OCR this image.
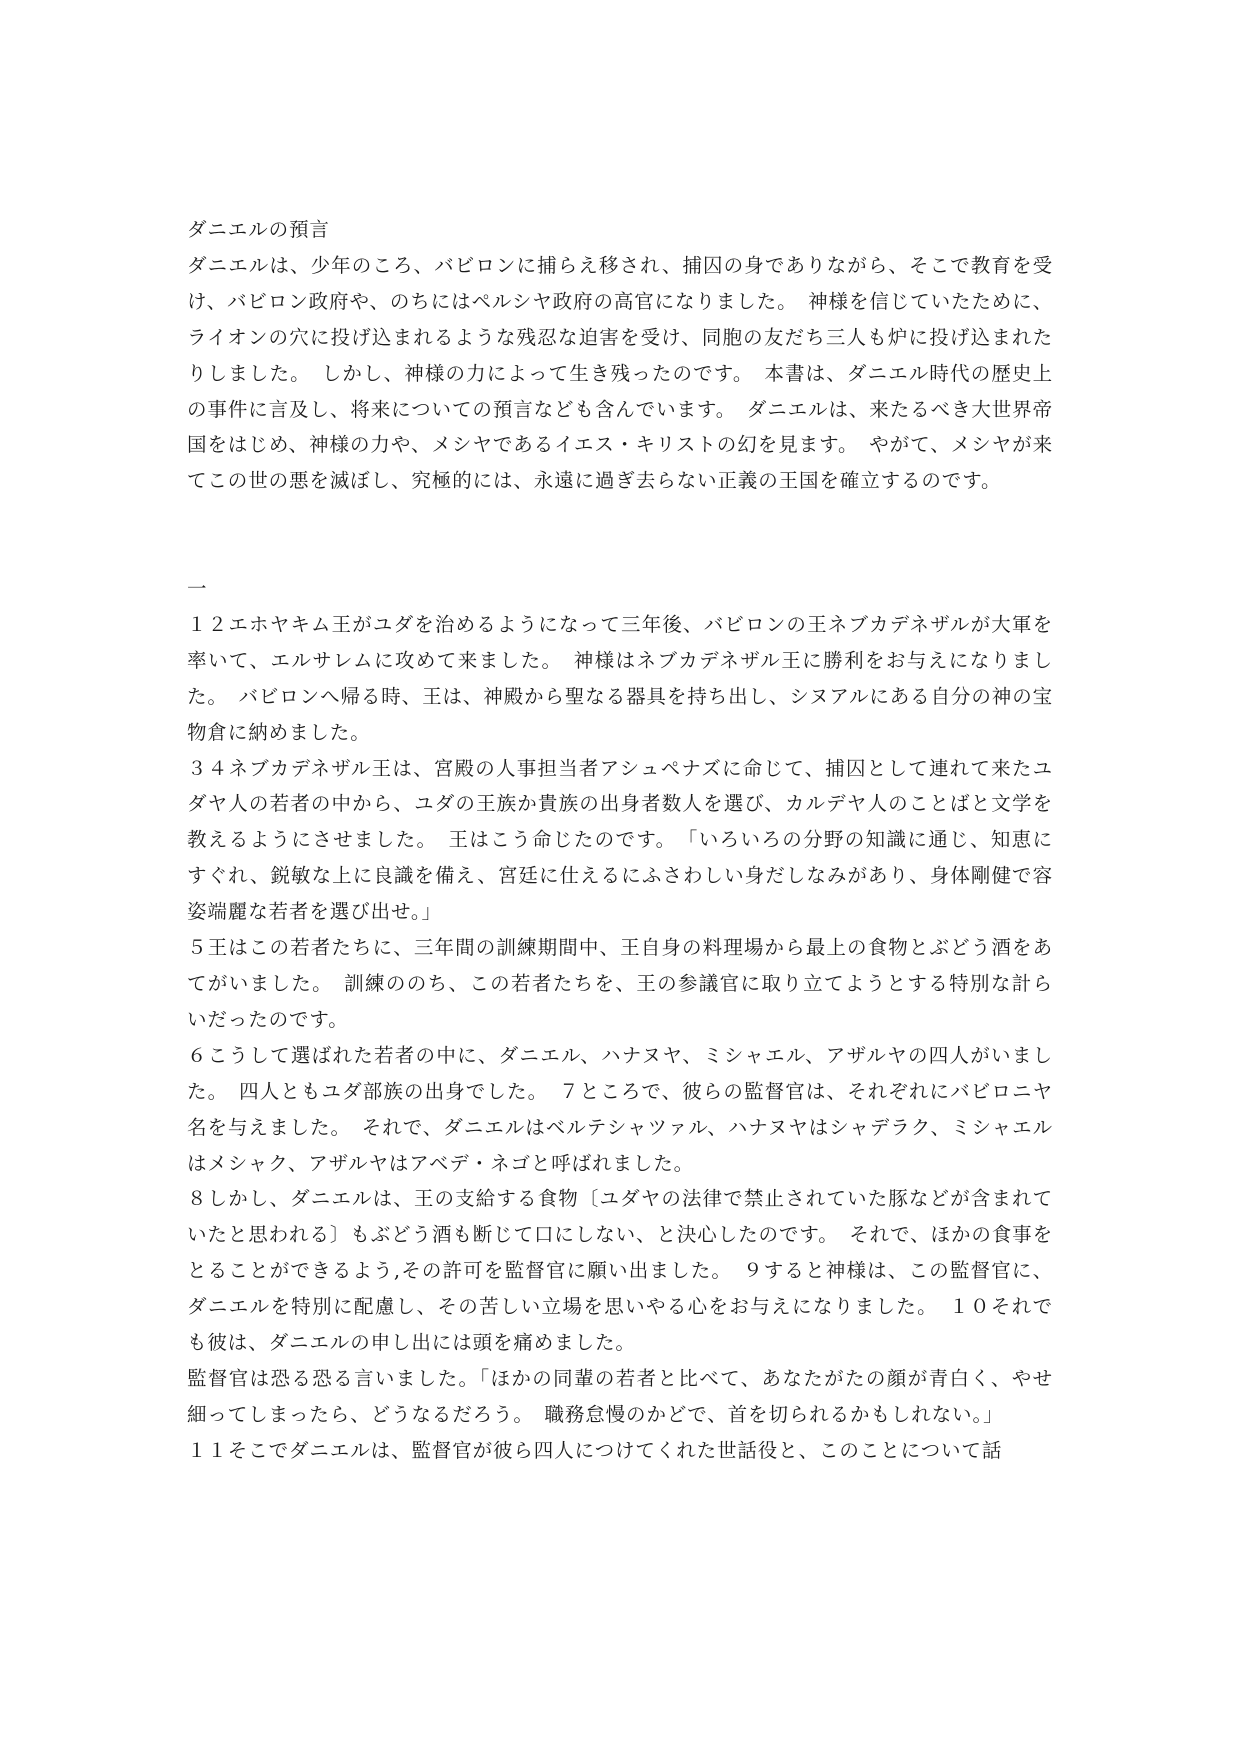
ダニエルの預言

ダニエルは、少年のころ、バビロンに捕らえ移され、捕囚の身でありながら、そこで教育を受け、バビロン政府や、のちにはペルシヤ政府の高官になりました。　神様を信じていたために、ライオンの穴に投げ込まれるような残忍な迫害を受け、同胞の友だち三人も炉に投げ込まれたりしました。　しかし、神様の力によって生き残ったのです。　本書は、ダニエル時代の歴史上の事件に言及し、将来についての預言なども含んでいます。　ダニエルは、来たるべき大世界帝国をはじめ、神様の力や、メシヤであるイエス・キリストの幻を見ます。　やがて、メシヤが来てこの世の悪を滅ぼし、究極的には、永遠に過ぎ去らない正義の王国を確立するのです。

一

１２エホヤキム王がユダを治めるようになって三年後、バビロンの王ネブカデネザルが大軍を率いて、エルサレムに攻めて来ました。　神様はネブカデネザル王に勝利をお与えになりました。　バビロンへ帰る時、王は、神殿から聖なる器具を持ち出し、シヌアルにある自分の神の宝物倉に納めました。

３４ネブカデネザル王は、宮殿の人事担当者アシュペナズに命じて、捕囚として連れて来たユダヤ人の若者の中から、ユダの王族か貴族の出身者数人を選び、カルデヤ人のことばと文学を教えるようにさせました。　王はこう命じたのです。　「いろいろの分野の知識に通じ、知恵にすぐれ、鋭敏な上に良識を備え、宮廷に仕えるにふさわしい身だしなみがあり、身体剛健で容姿端麗な若者を選び出せ。」

５王はこの若者たちに、三年間の訓練期間中、王自身の料理場から最上の食物とぶどう酒をあてがいました。　訓練ののち、この若者たちを、王の参議官に取り立てようとする特別な計らいだったのです。

６こうして選ばれた若者の中に、ダニエル、ハナヌヤ、ミシャエル、アザルヤの四人がいました。　四人ともユダ部族の出身でした。　７ところで、彼らの監督官は、それぞれにバビロニヤ名を与えました。　それで、ダニエルはベルテシャツァル、ハナヌヤはシャデラク、ミシャエルはメシャク、アザルヤはアベデ・ネゴと呼ばれました。

８しかし、ダニエルは、王の支給する食物〔ユダヤの法律で禁止されていた豚などが含まれていたと思われる〕もぶどう酒も断じて口にしない、と決心したのです。　それで、ほかの食事をとることができるよう,その許可を監督官に願い出ました。　９すると神様は、この監督官に、ダニエルを特別に配慮し、その苦しい立場を思いやる心をお与えになりました。　１０それでも彼は、ダニエルの申し出には頭を痛めました。

監督官は恐る恐る言いました。「ほかの同輩の若者と比べて、あなたがたの顔が青白く、やせ細ってしまったら、どうなるだろう。　職務怠慢のかどで、首を切られるかもしれない。」

１１そこでダニエルは、監督官が彼ら四人につけてくれた世話役と、このことについて話
